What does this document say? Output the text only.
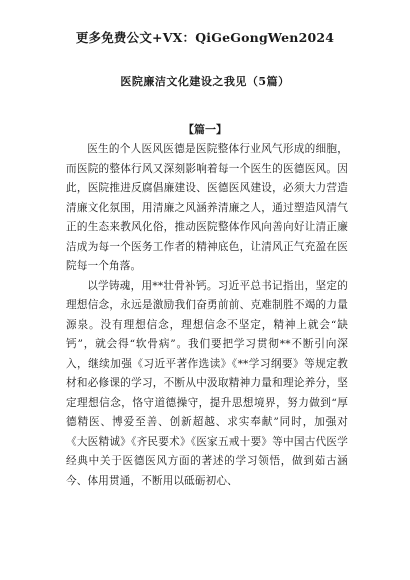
更多免费公文+VX：QiGeGongWen2024
医院廉洁文化建设之我见（5篇）
【篇一】

医生的个人医风医德是医院整体行业风气形成的细胞，而医院的整体行风又深刻影响着每一个医生的医德医风。因此，医院推进反腐倡廉建设、医德医风建设，必须大力营造清廉文化氛围，用清廉之风涵养清廉之人，通过塑造风清气正的生态来教风化俗，推动医院整体作风向善向好让清正廉洁成为每一个医务工作者的精神底色，让清风正气充盈在医院每一个角落。

以学铸魂，用**壮骨补钙。习近平总书记指出，坚定的理想信念，永远是激励我们奋勇前前、克难制胜不竭的力量源泉。没有理想信念，理想信念不坚定，精神上就会“缺钙”，就会得“软骨病”。我们要把学习贯彻**不断引向深入，继续加强《习近平著作选读》《**学习纲要》等规定教材和必修课的学习，不断从中汲取精神力量和理论养分，坚定理想信念，恪守道德操守，提升思想境界，努力做到“厚德精医、博爱至善、创新超越、求实奉献”同时，加强对《大医精诚》《齐民要术》《医家五戒十要》等中国古代医学经典中关于医德医风方面的著述的学习领悟，做到茹古涵今、体用贯通，不断用以砥砺初心、
